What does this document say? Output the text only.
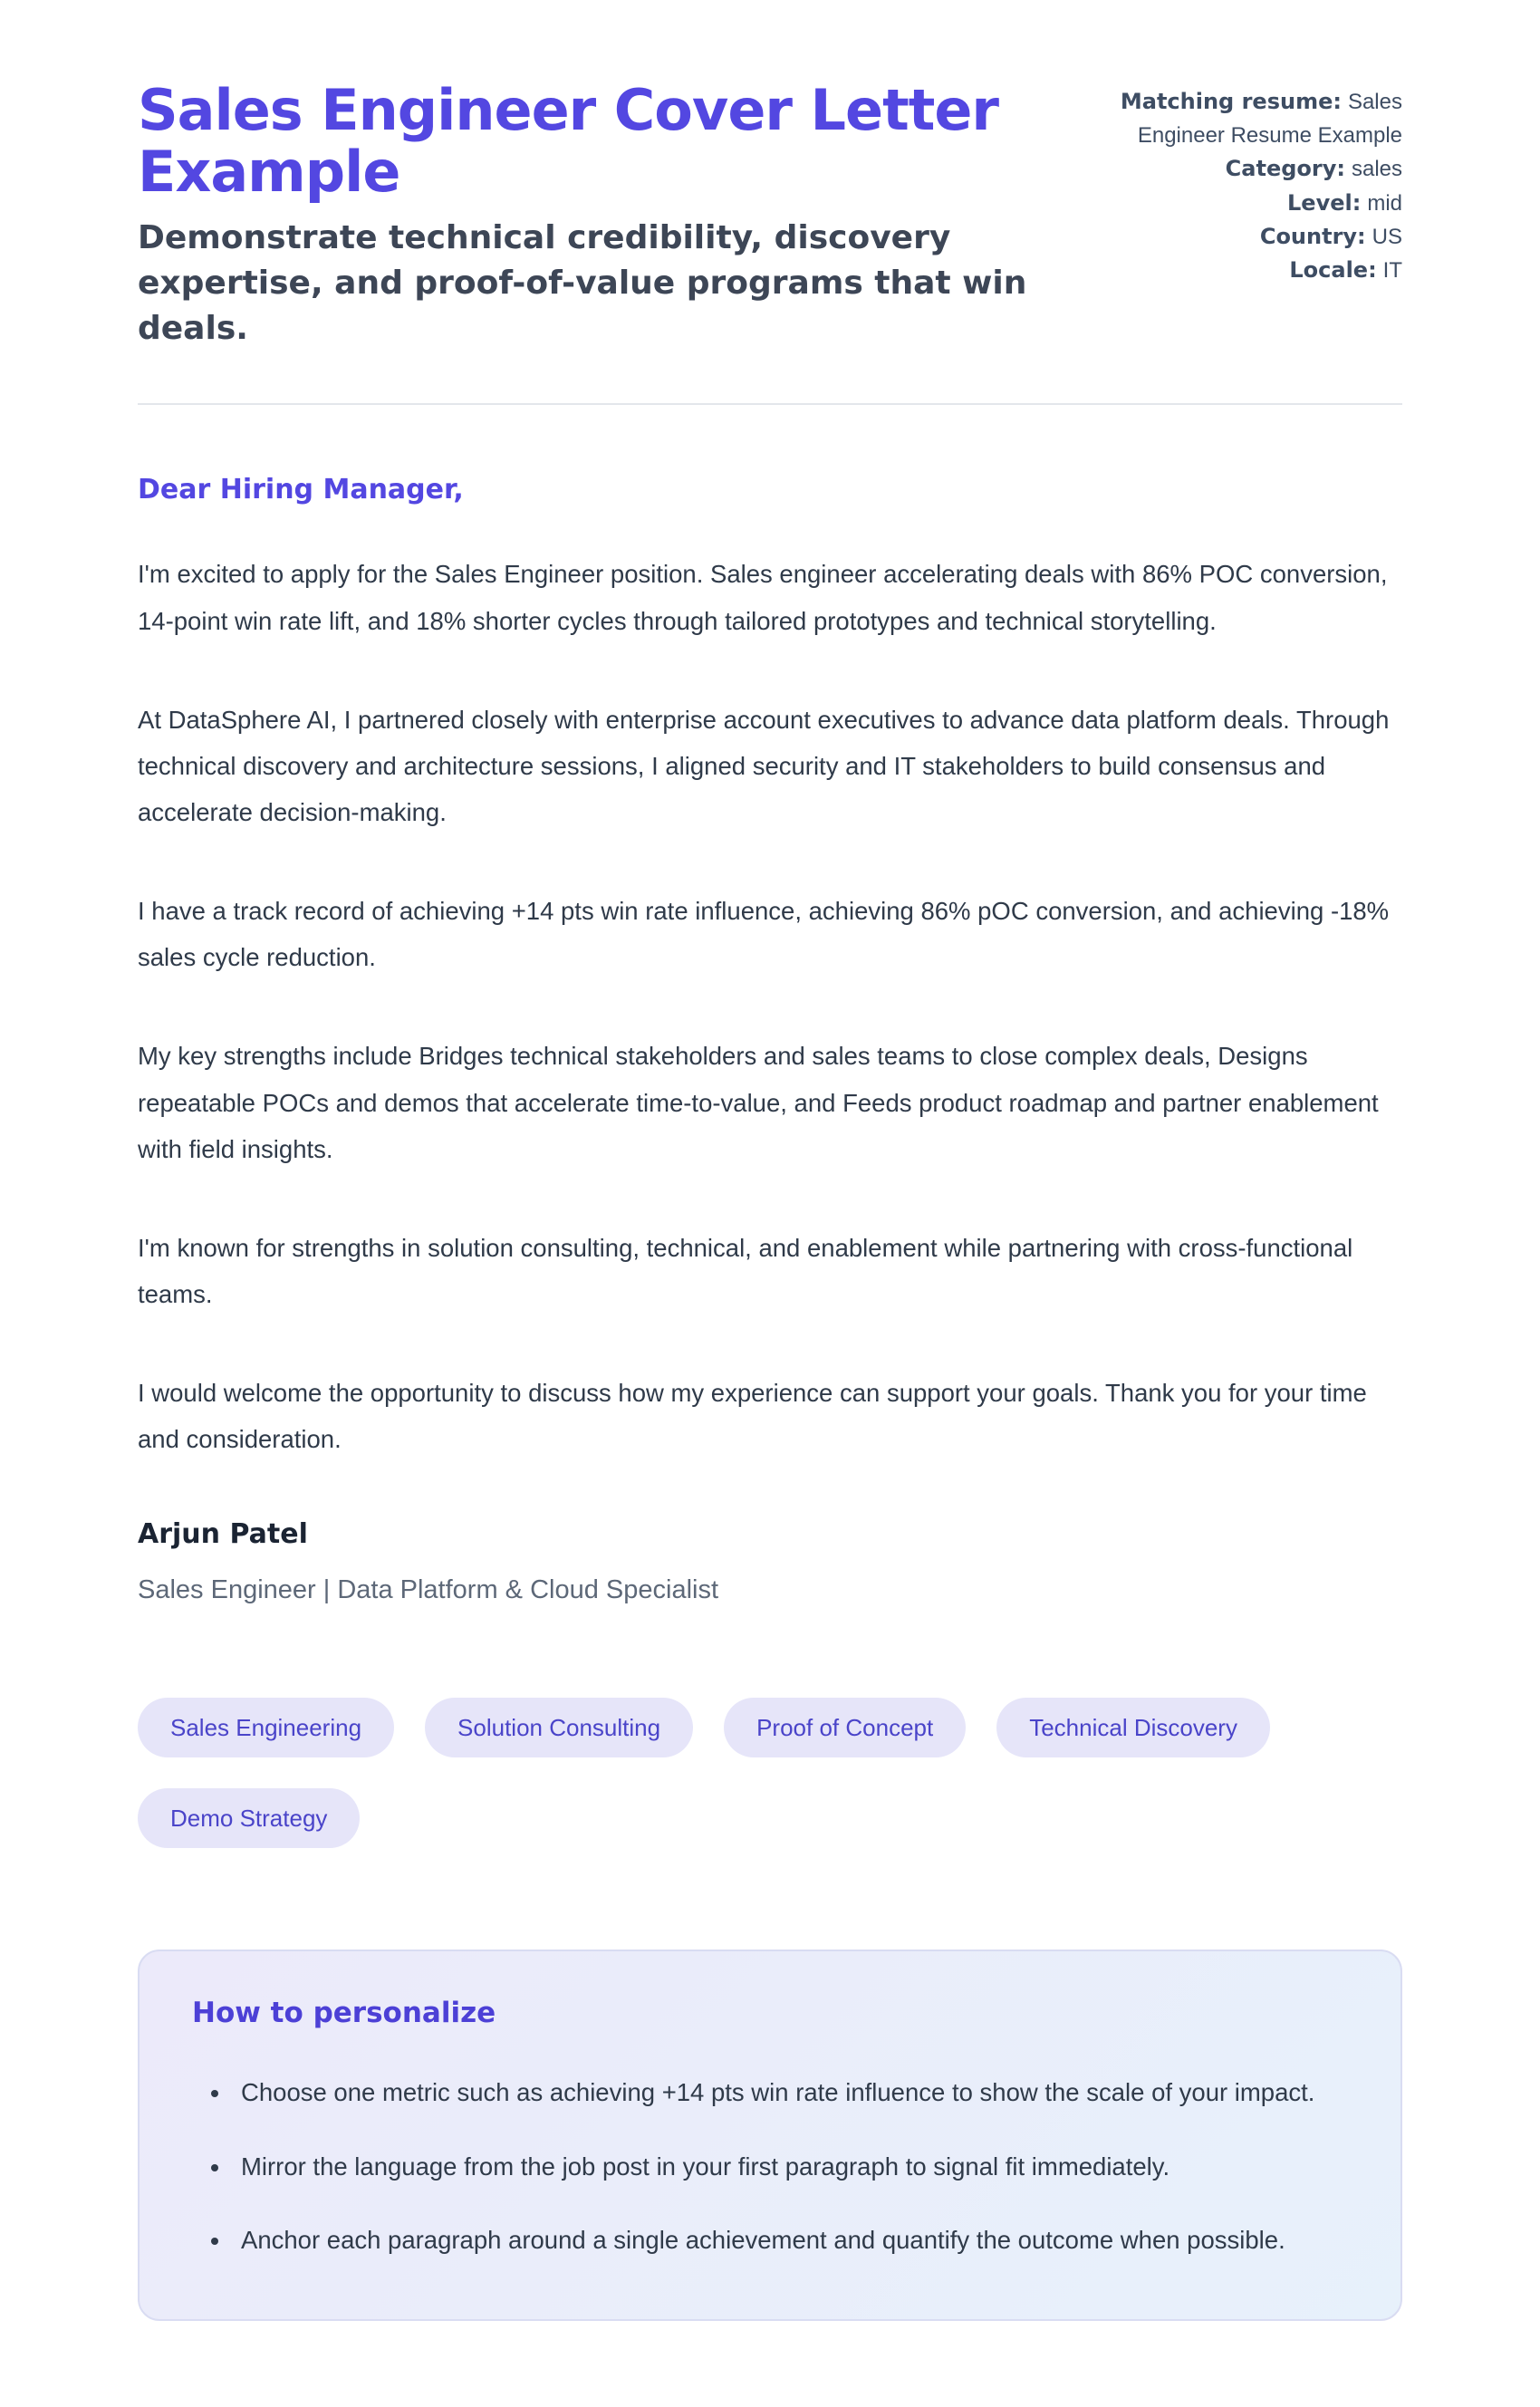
Sales Engineer Cover Letter Example
Demonstrate technical credibility, discovery expertise, and proof-of-value programs that win deals.
Matching resume: Sales Engineer Resume Example
Category: sales
Level: mid
Country: US
Locale: IT
Dear Hiring Manager,

I'm excited to apply for the Sales Engineer position. Sales engineer accelerating deals with 86% POC conversion, 14-point win rate lift, and 18% shorter cycles through tailored prototypes and technical storytelling.

At DataSphere AI, I partnered closely with enterprise account executives to advance data platform deals. Through technical discovery and architecture sessions, I aligned security and IT stakeholders to build consensus and accelerate decision-making.

I have a track record of achieving +14 pts win rate influence, achieving 86% pOC conversion, and achieving -18% sales cycle reduction.

My key strengths include Bridges technical stakeholders and sales teams to close complex deals, Designs repeatable POCs and demos that accelerate time-to-value, and Feeds product roadmap and partner enablement with field insights.

I'm known for strengths in solution consulting, technical, and enablement while partnering with cross-functional teams.

I would welcome the opportunity to discuss how my experience can support your goals. Thank you for your time and consideration.

Arjun Patel
Sales Engineer | Data Platform & Cloud Specialist
Sales Engineering	Solution Consulting	Proof of Concept	Technical Discovery
Demo Strategy
How to personalize
• Choose one metric such as achieving +14 pts win rate influence to show the scale of your impact.
• Mirror the language from the job post in your first paragraph to signal fit immediately.
• Anchor each paragraph around a single achievement and quantify the outcome when possible.
